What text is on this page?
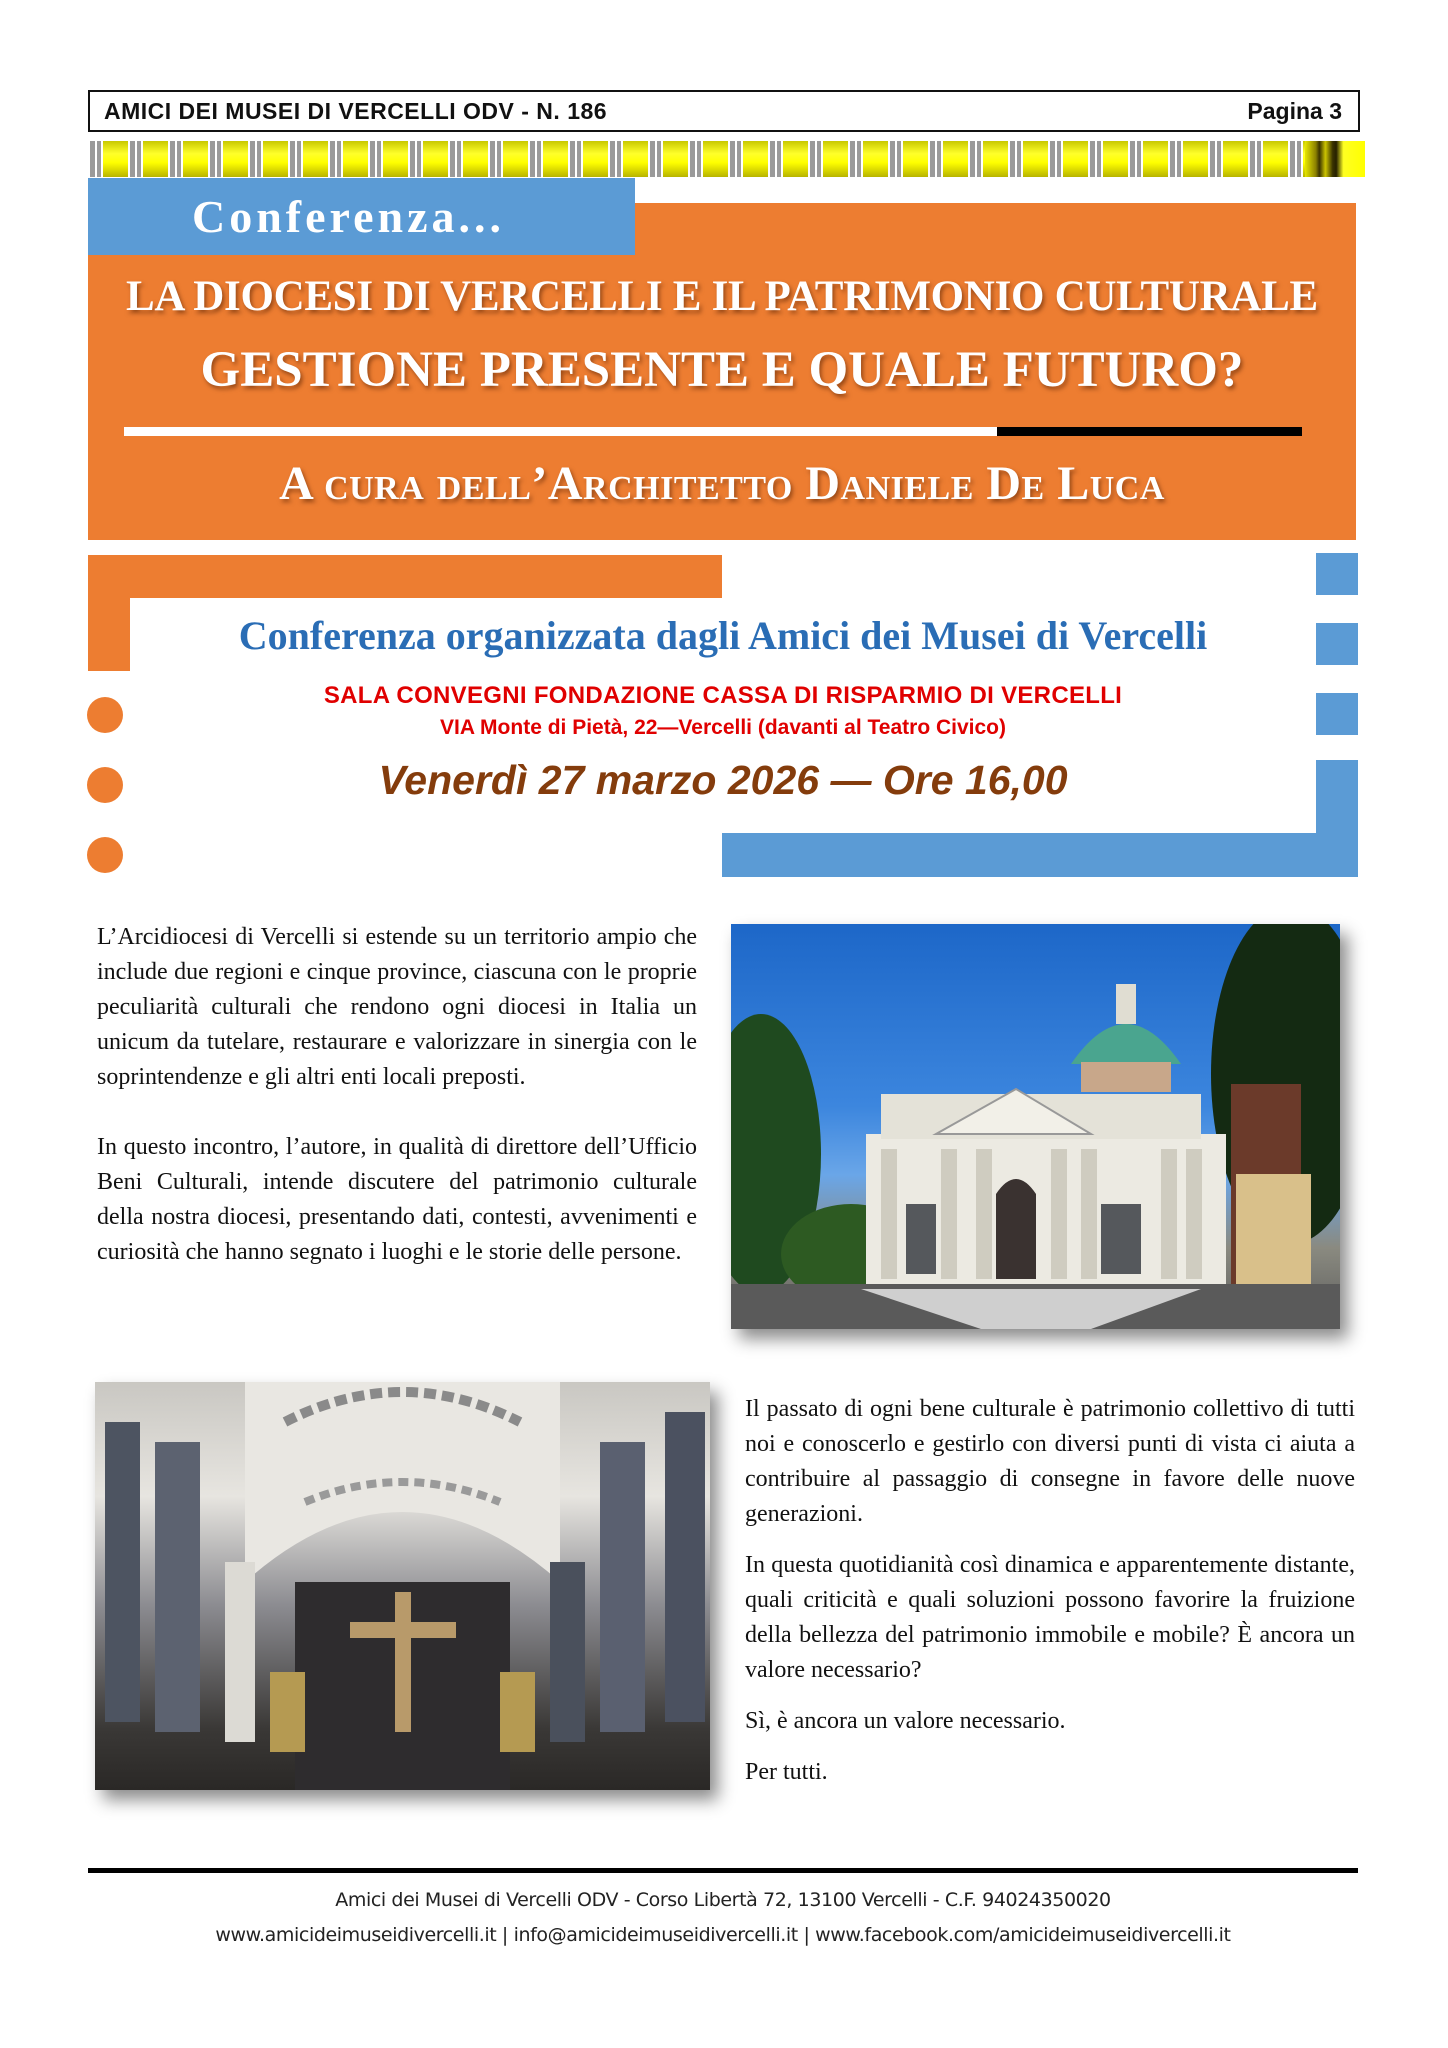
AMICI DEI MUSEI DI VERCELLI ODV - N. 186	Pagina 3
Conferenza...
LA DIOCESI DI VERCELLI E IL PATRIMONIO CULTURALE
GESTIONE PRESENTE E QUALE FUTURO?
A cura dell’Architetto Daniele De Luca
Conferenza organizzata dagli Amici dei Musei di Vercelli
SALA CONVEGNI FONDAZIONE CASSA DI RISPARMIO DI VERCELLI
VIA Monte di Pietà, 22—Vercelli (davanti al Teatro Civico)
Venerdì 27 marzo 2026 — Ore 16,00

L’Arcidiocesi di Vercelli si estende su un territorio ampio che include due regioni e cinque province, ciascuna con le proprie peculiarità culturali che rendono ogni diocesi in Italia un unicum da tutelare, restaurare e valorizzare in sinergia con le soprintendenze e gli altri enti locali preposti.

In questo incontro, l’autore, in qualità di direttore dell’Ufficio Beni Culturali, intende discutere del patrimonio culturale della nostra diocesi, presentando dati, contesti, avvenimenti e curiosità che hanno segnato i luoghi e le storie delle persone.

Il passato di ogni bene culturale è patrimonio collettivo di tutti noi e conoscerlo e gestirlo con diversi punti di vista ci aiuta a contribuire al passaggio di consegne in favore delle nuove generazioni.

In questa quotidianità così dinamica e apparentemente distante, quali criticità e quali soluzioni possono favorire la fruizione della bellezza del patrimonio immobile e mobile? È ancora un valore necessario?

Sì, è ancora un valore necessario.

Per tutti.

Amici dei Musei di Vercelli ODV - Corso Libertà 72, 13100 Vercelli - C.F. 94024350020
www.amicideimuseidivercelli.it | info@amicideimuseidivercelli.it | www.facebook.com/amicideimuseidivercelli.it
